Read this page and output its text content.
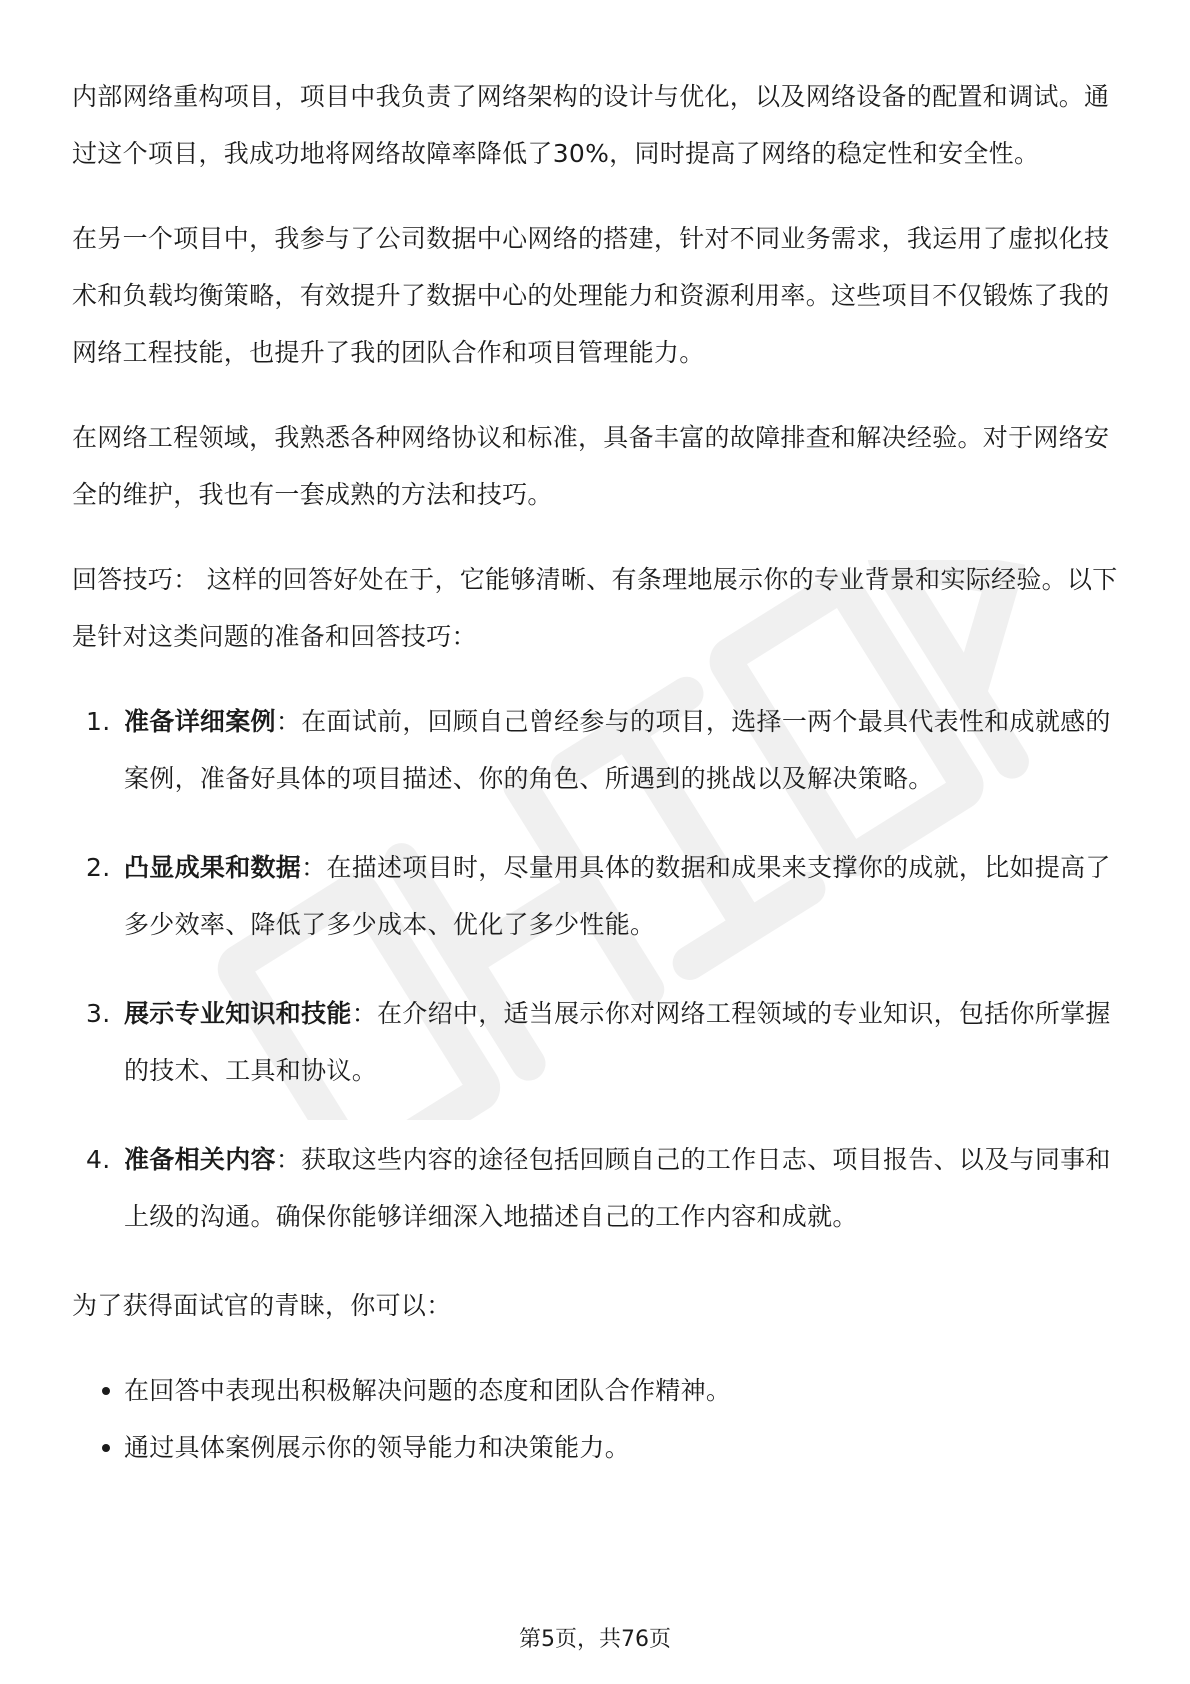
内部网络重构项目，项目中我负责了网络架构的设计与优化，以及网络设备的配置和调试。通过这个项目，我成功地将网络故障率降低了30%，同时提高了网络的稳定性和安全性。

在另一个项目中，我参与了公司数据中心网络的搭建，针对不同业务需求，我运用了虚拟化技术和负载均衡策略，有效提升了数据中心的处理能力和资源利用率。这些项目不仅锻炼了我的网络工程技能，也提升了我的团队合作和项目管理能力。

在网络工程领域，我熟悉各种网络协议和标准，具备丰富的故障排查和解决经验。对于网络安全的维护，我也有一套成熟的方法和技巧。

回答技巧： 这样的回答好处在于，它能够清晰、有条理地展示你的专业背景和实际经验。以下是针对这类问题的准备和回答技巧：

1. 准备详细案例：在面试前，回顾自己曾经参与的项目，选择一两个最具代表性和成就感的案例，准备好具体的项目描述、你的角色、所遇到的挑战以及解决策略。
2. 凸显成果和数据：在描述项目时，尽量用具体的数据和成果来支撑你的成就，比如提高了多少效率、降低了多少成本、优化了多少性能。
3. 展示专业知识和技能：在介绍中，适当展示你对网络工程领域的专业知识，包括你所掌握的技术、工具和协议。
4. 准备相关内容：获取这些内容的途径包括回顾自己的工作日志、项目报告、以及与同事和上级的沟通。确保你能够详细深入地描述自己的工作内容和成就。

为了获得面试官的青睐，你可以：

在回答中表现出积极解决问题的态度和团队合作精神。
通过具体案例展示你的领导能力和决策能力。
第5页，共76页
